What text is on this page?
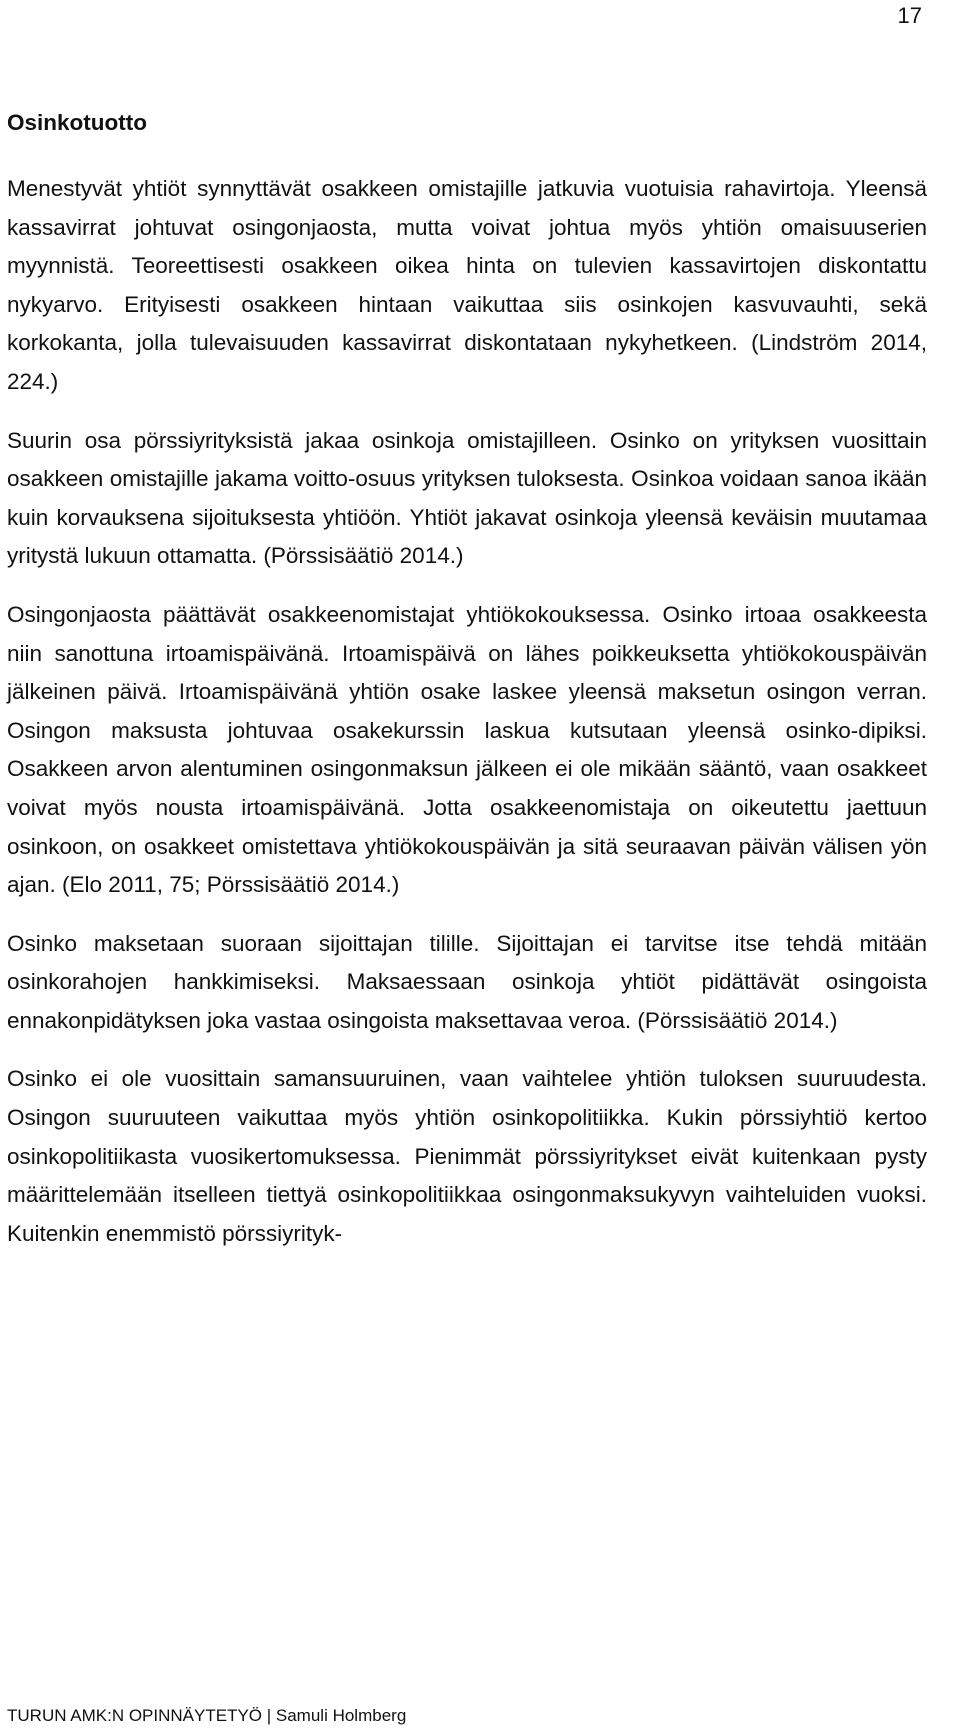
17
Osinkotuotto

Menestyvät yhtiöt synnyttävät osakkeen omistajille jatkuvia vuotuisia rahavirtoja. Yleensä kassavirrat johtuvat osingonjaosta, mutta voivat johtua myös yhtiön omaisuuserien myynnistä. Teoreettisesti osakkeen oikea hinta on tulevien kassavirtojen diskontattu nykyarvo. Erityisesti osakkeen hintaan vaikuttaa siis osinkojen kasvuvauhti, sekä korkokanta, jolla tulevaisuuden kassavirrat diskontataan nykyhetkeen. (Lindström 2014, 224.)

Suurin osa pörssiyrityksistä jakaa osinkoja omistajilleen. Osinko on yrityksen vuosittain osakkeen omistajille jakama voitto-osuus yrityksen tuloksesta. Osinkoa voidaan sanoa ikään kuin korvauksena sijoituksesta yhtiöön. Yhtiöt jakavat osinkoja yleensä keväisin muutamaa yritystä lukuun ottamatta. (Pörssisäätiö 2014.)

Osingonjaosta päättävät osakkeenomistajat yhtiökokouksessa. Osinko irtoaa osakkeesta niin sanottuna irtoamispäivänä. Irtoamispäivä on lähes poikkeuksetta yhtiökokouspäivän jälkeinen päivä. Irtoamispäivänä yhtiön osake laskee yleensä maksetun osingon verran. Osingon maksusta johtuvaa osakekurssin laskua kutsutaan yleensä osinko-dipiksi. Osakkeen arvon alentuminen osingonmaksun jälkeen ei ole mikään sääntö, vaan osakkeet voivat myös nousta irtoamispäivänä. Jotta osakkeenomistaja on oikeutettu jaettuun osinkoon, on osakkeet omistettava yhtiökokouspäivän ja sitä seuraavan päivän välisen yön ajan. (Elo 2011, 75; Pörssisäätiö 2014.)

Osinko maksetaan suoraan sijoittajan tilille. Sijoittajan ei tarvitse itse tehdä mitään osinkorahojen hankkimiseksi. Maksaessaan osinkoja yhtiöt pidättävät osingoista ennakonpidätyksen joka vastaa osingoista maksettavaa veroa. (Pörssisäätiö 2014.)

Osinko ei ole vuosittain samansuuruinen, vaan vaihtelee yhtiön tuloksen suuruudesta. Osingon suuruuteen vaikuttaa myös yhtiön osinkopolitiikka. Kukin pörssiyhtiö kertoo osinkopolitiikasta vuosikertomuksessa. Pienimmät pörssiyritykset eivät kuitenkaan pysty määrittelemään itselleen tiettyä osinkopolitiikkaa osingonmaksukyvyn vaihteluiden vuoksi. Kuitenkin enemmistö pörssiyrityk-

TURUN AMK:N OPINNÄYTETYÖ | Samuli Holmberg
